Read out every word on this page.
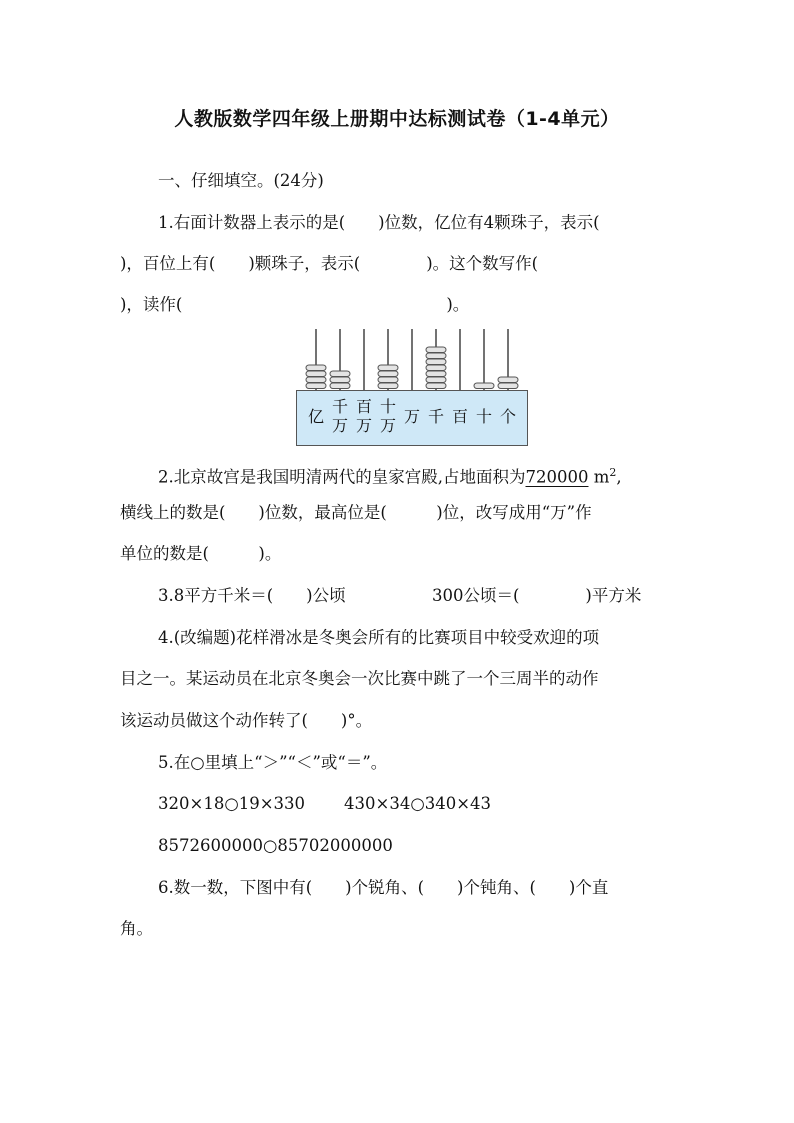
人教版数学四年级上册期中达标测试卷（1-4单元）
一、仔细填空。(24分)
1.右面计数器上表示的是(　　)位数，亿位有4颗珠子，表示(
)，百位上有(　　)颗珠子，表示(　　　　)。这个数写作(
)，读作(　　　　　　　　　　　　　　　　)。
亿
千
万
百
万
十
万 万 千 百 十 个
2.北京故宫是我国明清两代的皇家宫殿,占地面积为720000 $m^2$,
横线上的数是(　　)位数，最高位是(　　　)位，改写成用“万”作
单位的数是(　　　)。
3.8平方千米＝(　　)公顷	300公顷＝(　　　　)平方米
4.(改编题)花样滑冰是冬奥会所有的比赛项目中较受欢迎的项
目之一。某运动员在北京冬奥会一次比赛中跳了一个三周半的动作
该运动员做这个动作转了(　　)°。
5.在○里填上“＞”“＜”或“＝”。
320×18○19×330 430×34○340×43
8572600000○85702000000
6.数一数，下图中有(　　)个锐角、(　　)个钝角、(　　)个直
角。
